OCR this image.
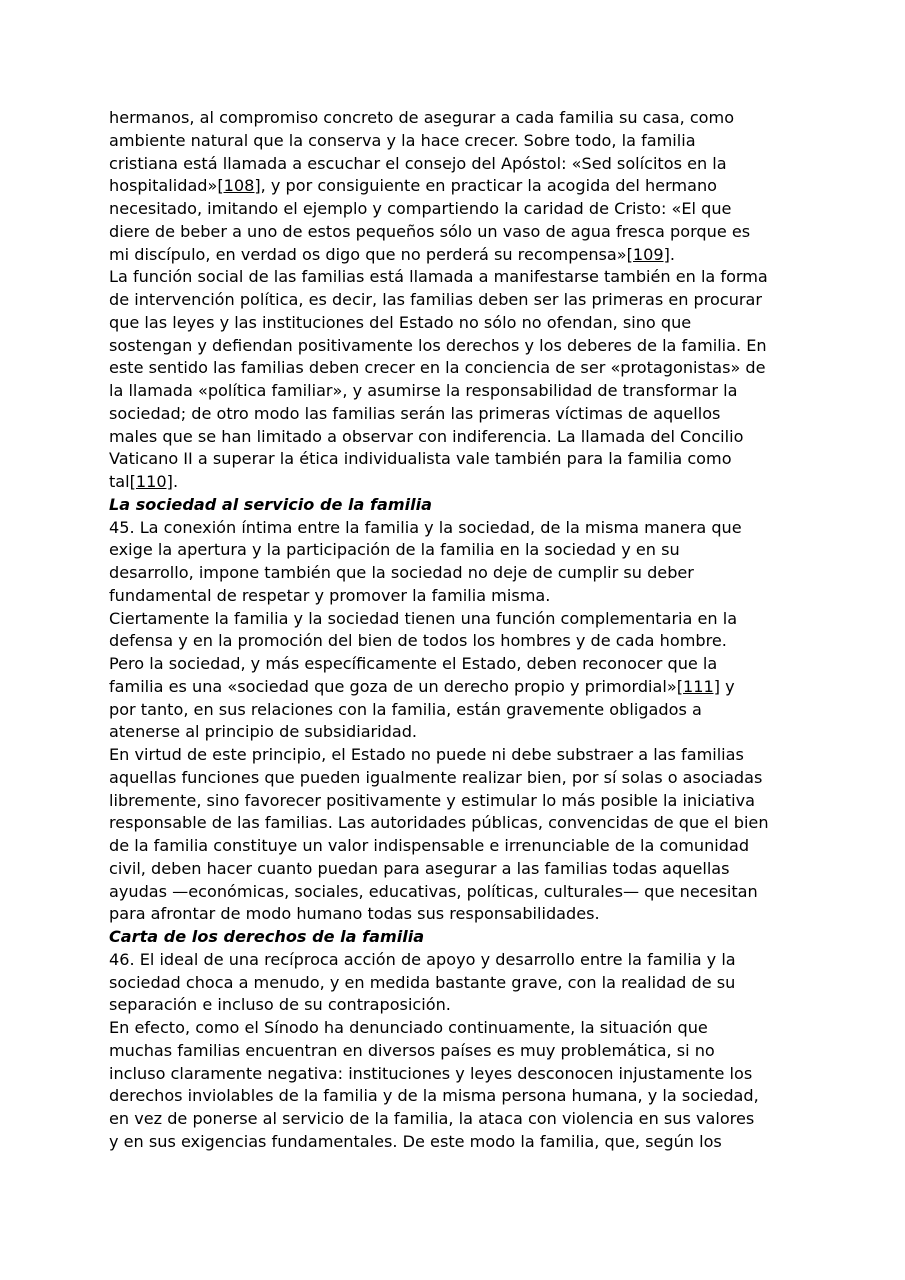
hermanos, al compromiso concreto de asegurar a cada familia su casa, como
ambiente natural que la conserva y la hace crecer. Sobre todo, la familia
cristiana está llamada a escuchar el consejo del Apóstol: «Sed solícitos en la
hospitalidad»[108], y por consiguiente en practicar la acogida del hermano
necesitado, imitando el ejemplo y compartiendo la caridad de Cristo: «El que
diere de beber a uno de estos pequeños sólo un vaso de agua fresca porque es
mi discípulo, en verdad os digo que no perderá su recompensa»[109].
La función social de las familias está llamada a manifestarse también en la forma
de intervención política, es decir, las familias deben ser las primeras en procurar
que las leyes y las instituciones del Estado no sólo no ofendan, sino que
sostengan y defiendan positivamente los derechos y los deberes de la familia. En
este sentido las familias deben crecer en la conciencia de ser «protagonistas» de
la llamada «política familiar», y asumirse la responsabilidad de transformar la
sociedad; de otro modo las familias serán las primeras víctimas de aquellos
males que se han limitado a observar con indiferencia. La llamada del Concilio
Vaticano II a superar la ética individualista vale también para la familia como
tal[110].
La sociedad al servicio de la familia
45. La conexión íntima entre la familia y la sociedad, de la misma manera que
exige la apertura y la participación de la familia en la sociedad y en su
desarrollo, impone también que la sociedad no deje de cumplir su deber
fundamental de respetar y promover la familia misma.
Ciertamente la familia y la sociedad tienen una función complementaria en la
defensa y en la promoción del bien de todos los hombres y de cada hombre.
Pero la sociedad, y más específicamente el Estado, deben reconocer que la
familia es una «sociedad que goza de un derecho propio y primordial»[111] y
por tanto, en sus relaciones con la familia, están gravemente obligados a
atenerse al principio de subsidiaridad.
En virtud de este principio, el Estado no puede ni debe substraer a las familias
aquellas funciones que pueden igualmente realizar bien, por sí solas o asociadas
libremente, sino favorecer positivamente y estimular lo más posible la iniciativa
responsable de las familias. Las autoridades públicas, convencidas de que el bien
de la familia constituye un valor indispensable e irrenunciable de la comunidad
civil, deben hacer cuanto puedan para asegurar a las familias todas aquellas
ayudas —económicas, sociales, educativas, políticas, culturales— que necesitan
para afrontar de modo humano todas sus responsabilidades.
Carta de los derechos de la familia
46. El ideal de una recíproca acción de apoyo y desarrollo entre la familia y la
sociedad choca a menudo, y en medida bastante grave, con la realidad de su
separación e incluso de su contraposición.
En efecto, como el Sínodo ha denunciado continuamente, la situación que
muchas familias encuentran en diversos países es muy problemática, si no
incluso claramente negativa: instituciones y leyes desconocen injustamente los
derechos inviolables de la familia y de la misma persona humana, y la sociedad,
en vez de ponerse al servicio de la familia, la ataca con violencia en sus valores
y en sus exigencias fundamentales. De este modo la familia, que, según los
